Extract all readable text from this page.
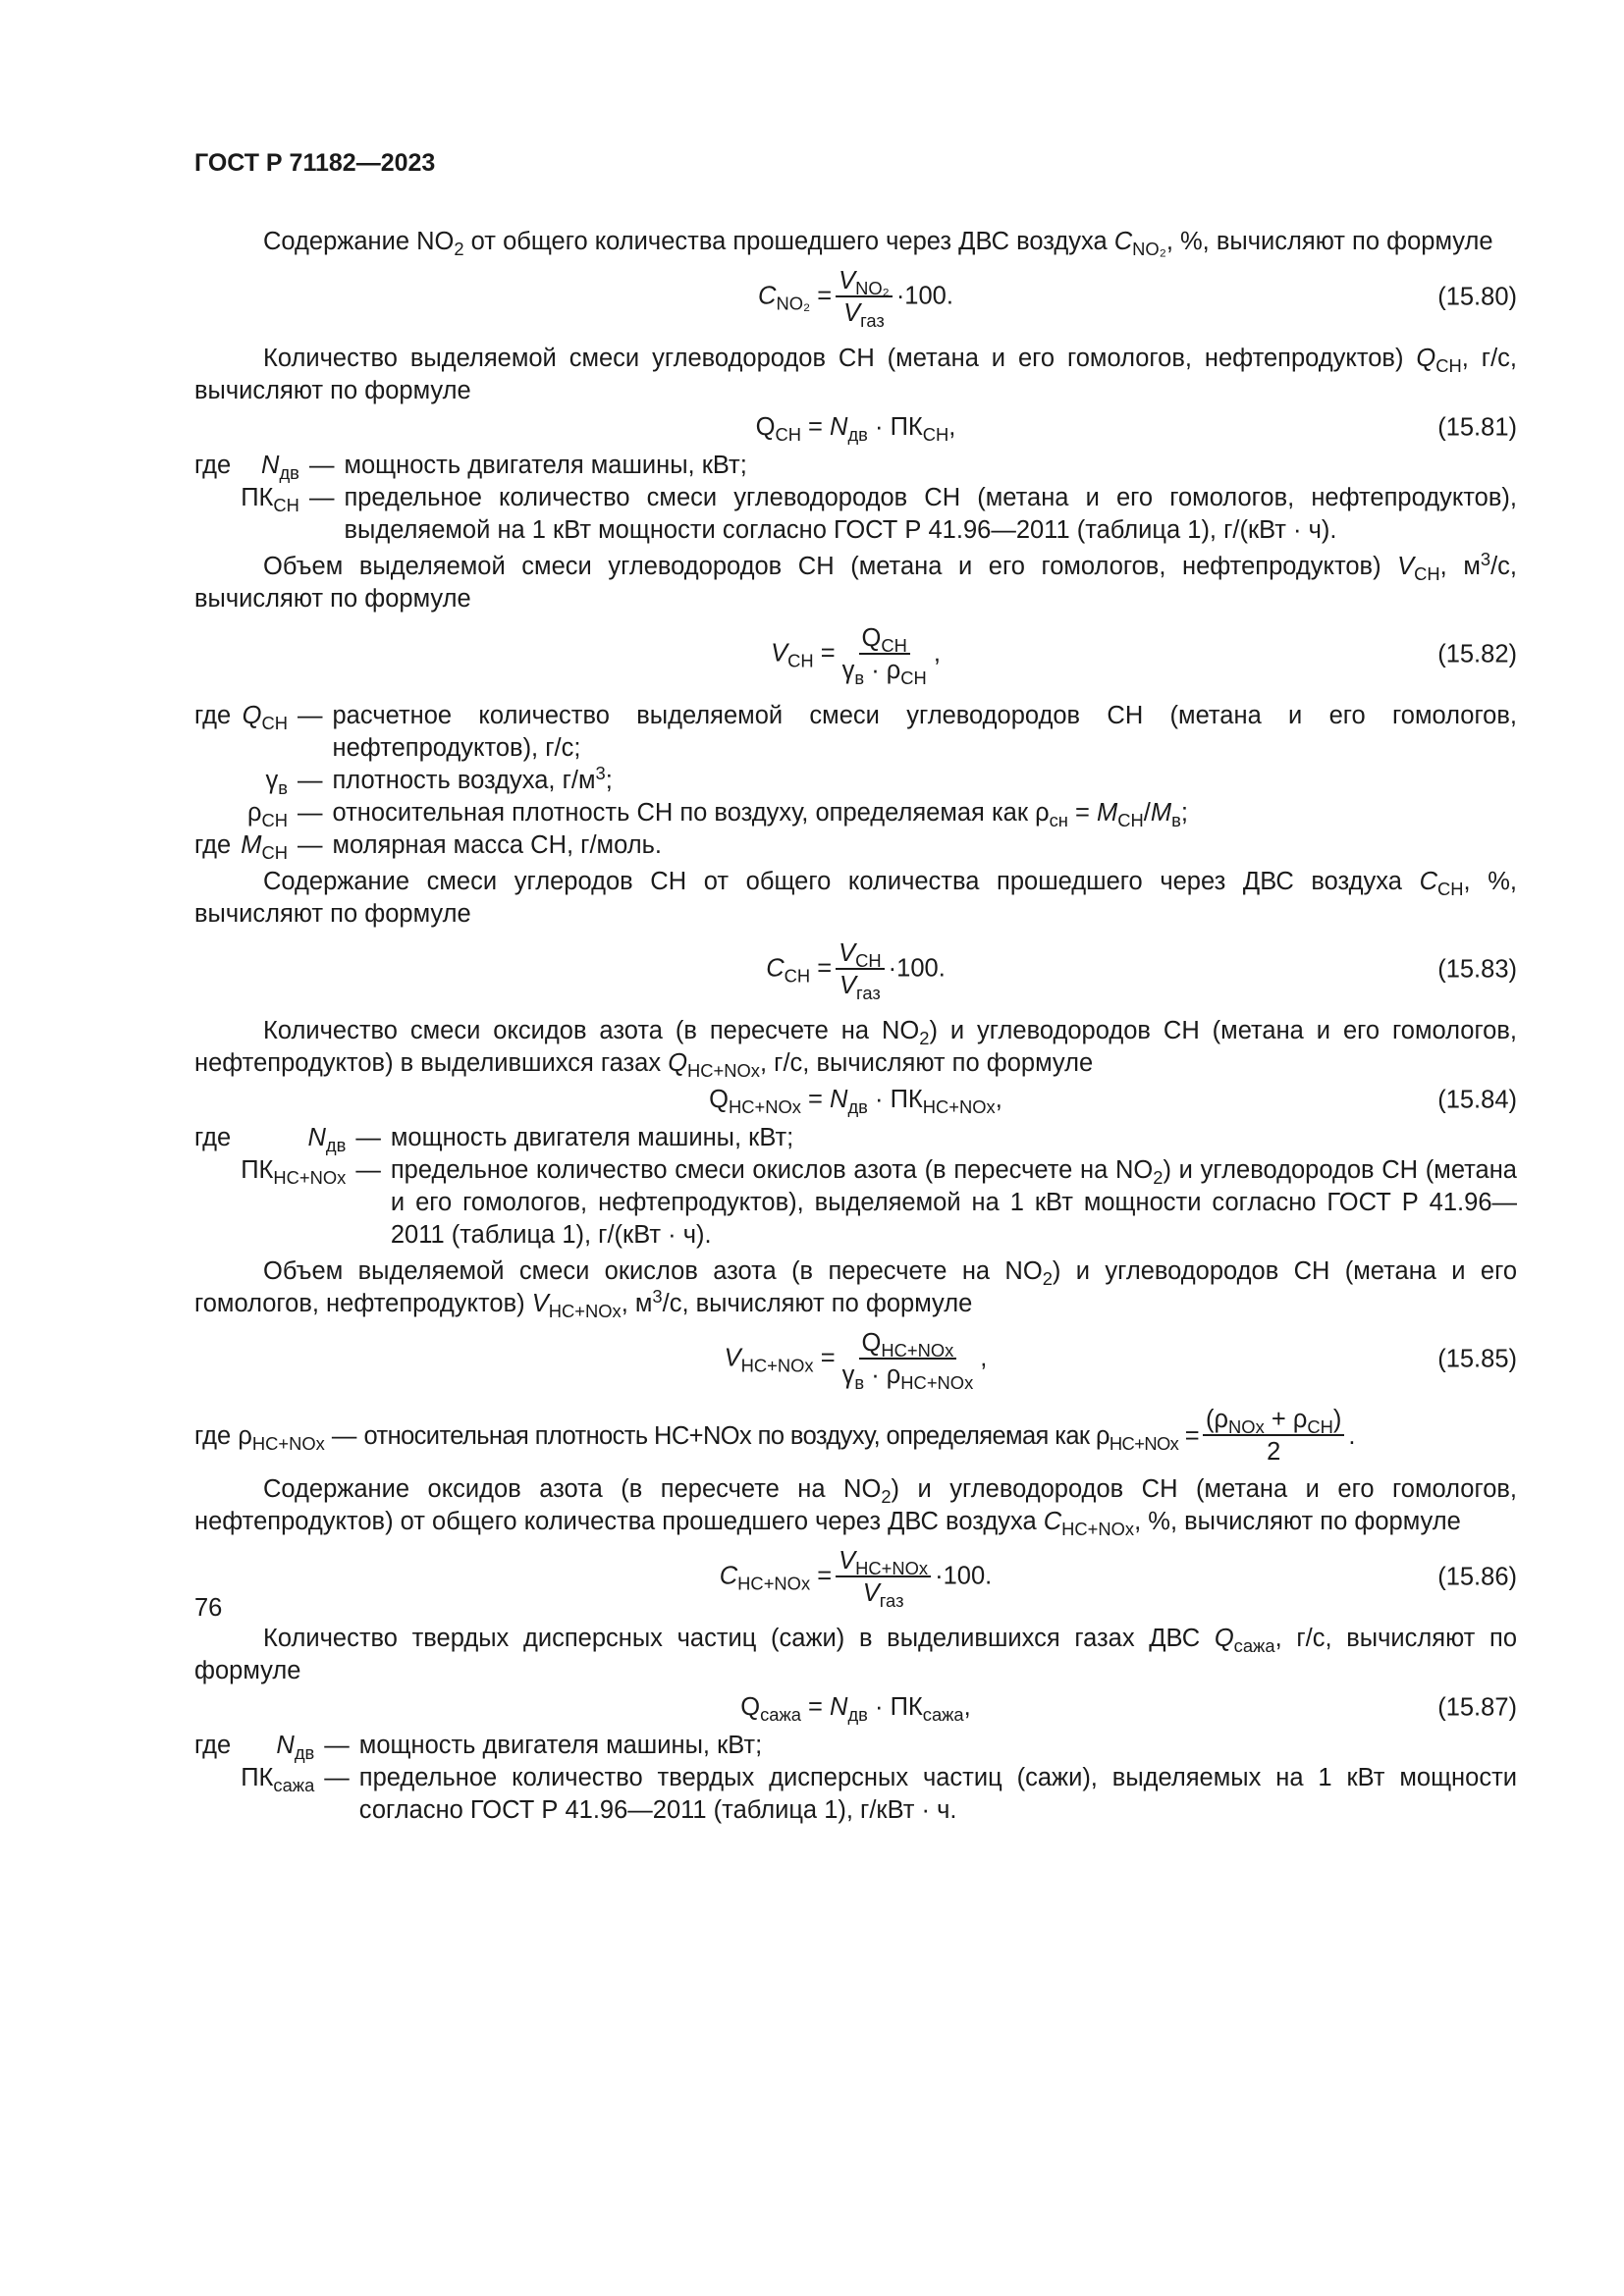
ГОСТ Р 71182—2023

Содержание $NO_2$ от общего количества прошедшего через ДВС воздуха $C_{NO_2}$, %, вычисляют по формуле

$C_{NO_2}$ =
$V_{NO_2}$
$V_{газ}$
·100.	(15.80)

Количество выделяемой смеси углеводородов СН (метана и его гомологов, нефтепродуктов) $Q_{CH}$, г/с, вычисляют по формуле

$Q_{CH} = N_{дв} \cdot ПК_{CH}$,	(15.81)
где	$N_{дв}$ — мощность двигателя машины, кВт;
$ПК_{CH}$ — предельное количество смеси углеводородов СН (метана и его гомологов, нефтепродуктов), выделяемой на 1 кВт мощности согласно ГОСТ Р 41.96—2011 (таблица 1), г/(кВт · ч).

Объем выделяемой смеси углеводородов СН (метана и его гомологов, нефтепродуктов) $V_{CH}$, $м^3/с$, вычисляют по формуле

$V_{CH}$ =
$Q_{CH}$
$\gamma_в \cdot \rho_{CH}$
,	(15.82)
где $Q_{CH}$ — расчетное количество выделяемой смеси углеводородов СН (метана и его гомологов, нефтепродуктов), г/с;
$\gamma_в$ — плотность воздуха, $г/м^3$;
$\rho_{CH}$ — относительная плотность СН по воздуху, определяемая как $\rho_{сн} = M_{CH}/M_в$;
где $M_{CH}$ — молярная масса СН, г/моль.

Содержание смеси углеродов СН от общего количества прошедшего через ДВС воздуха $C_{CH}$, %, вычисляют по формуле

$C_{CH}$ =
$V_{CH}$
$V_{газ}$
·100.	(15.83)

Количество смеси оксидов азота (в пересчете на $NO_2$) и углеводородов СН (метана и его гомологов, нефтепродуктов) в выделившихся газах $Q_{HC+NOx}$, г/с, вычисляют по формуле

$Q_{HC+NOx} = N_{дв} \cdot ПК_{HC+NOx}$,	(15.84)
где	$N_{дв}$ — мощность двигателя машины, кВт;
$ПК_{HC+NOx}$ — предельное количество смеси окислов азота (в пересчете на $NO_2$) и углеводородов СН (метана и его гомологов, нефтепродуктов), выделяемой на 1 кВт мощности согласно ГОСТ Р 41.96—2011 (таблица 1), г/(кВт · ч).

Объем выделяемой смеси окислов азота (в пересчете на $NO_2$) и углеводородов СН (метана и его гомологов, нефтепродуктов) $V_{HC+NOx}$, $м^3/с$, вычисляют по формуле

$V_{HC+NOx}$ =
$Q_{HC+NOx}$
$\gamma_в \cdot \rho_{HC+NOx}$
,	(15.85)
где
$\rho_{HC+NOx}$
—
относительная плотность HC+NOx по воздуху, определяемая как $\rho_{HC+NOx}$ =
$(\rho_{NOx} + \rho_{CH})$
2
.

Содержание оксидов азота (в пересчете на $NO_2$) и углеводородов СН (метана и его гомологов, нефтепродуктов) от общего количества прошедшего через ДВС воздуха $C_{HC+NOx}$, %, вычисляют по формуле

$C_{HC+NOx}$ =
$V_{HC+NOx}$
$V_{газ}$
·100.	(15.86)

Количество твердых дисперсных частиц (сажи) в выделившихся газах ДВС $Q_{сажа}$, г/с, вычисляют по формуле

$Q_{сажа} = N_{дв} \cdot ПК_{сажа}$,	(15.87)
где	$N_{дв}$ — мощность двигателя машины, кВт;
$ПК_{сажа}$ — предельное количество твердых дисперсных частиц (сажи), выделяемых на 1 кВт мощности согласно ГОСТ Р 41.96—2011 (таблица 1), г/кВт · ч.
76
